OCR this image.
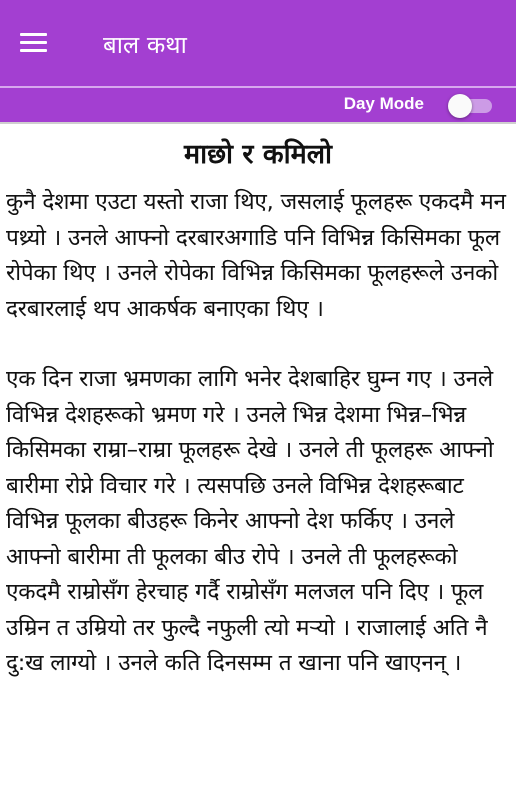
बाल कथा
Day Mode
माछो र कमिलो

कुनै देशमा एउटा यस्तो राजा थिए, जसलाई फूलहरू एकदमै मन पथ्र्यो । उनले आफ्नो दरबारअगाडि पनि विभिन्न किसिमका फूल रोपेका थिए । उनले रोपेका विभिन्न किसिमका फूलहरूले उनको दरबारलाई थप आकर्षक बनाएका थिए ।

एक दिन राजा भ्रमणका लागि भनेर देशबाहिर घुम्न गए । उनले विभिन्न देशहरूको भ्रमण गरे । उनले भिन्न देशमा भिन्न–भिन्न किसिमका राम्रा–राम्रा फूलहरू देखे । उनले ती फूलहरू आफ्नो बारीमा रोप्ने विचार गरे । त्यसपछि उनले विभिन्न देशहरूबाट विभिन्न फूलका बीउहरू किनेर आफ्नो देश फर्किए । उनले आफ्नो बारीमा ती फूलका बीउ रोपे । उनले ती फूलहरूको एकदमै राम्रोसँग हेरचाह गर्दै राम्रोसँग मलजल पनि दिए । फूल उम्रिन त उम्रियो तर फुल्दै नफुली त्यो मर्‍यो । राजालाई अति नै दु:ख लाग्यो । उनले कति दिनसम्म त खाना पनि खाएनन् ।
